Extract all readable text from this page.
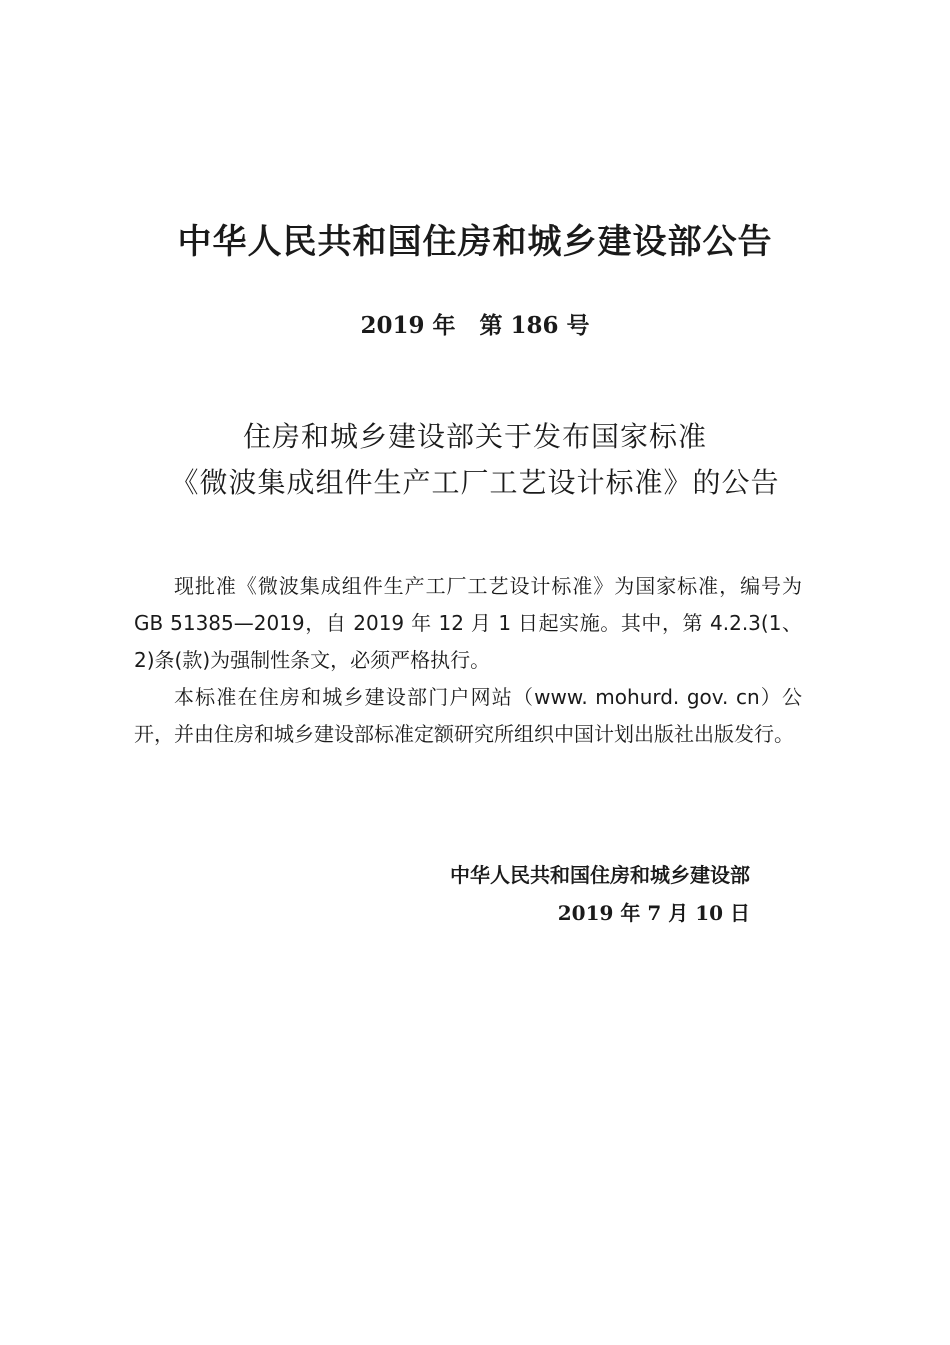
中华人民共和国住房和城乡建设部公告
2019 年   第 186 号
住房和城乡建设部关于发布国家标准
《微波集成组件生产工厂工艺设计标准》的公告

现批准《微波集成组件生产工厂工艺设计标准》为国家标准，编号为 GB 51385—2019，自 2019 年 12 月 1 日起实施。其中，第 4.2.3(1、2)条(款)为强制性条文，必须严格执行。

本标准在住房和城乡建设部门户网站（www. mohurd. gov. cn）公开，并由住房和城乡建设部标准定额研究所组织中国计划出版社出版发行。

中华人民共和国住房和城乡建设部
2019 年 7 月 10 日
